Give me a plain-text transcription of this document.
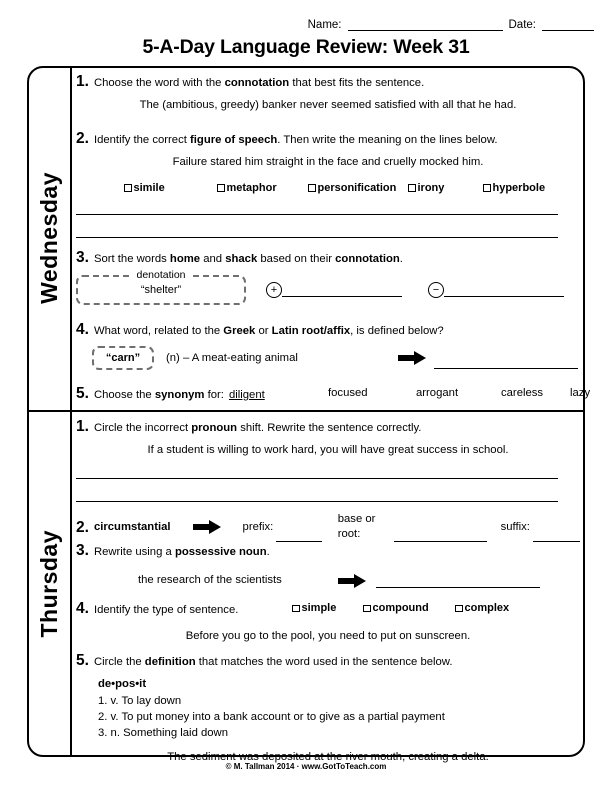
Name:	Date:
5-A-Day Language Review: Week 31
Wednesday
Thursday
1. Choose the word with the connotation that best fits the sentence.
The (ambitious, greedy) banker never seemed satisfied with all that he had.
2. Identify the correct figure of speech. Then write the meaning on the lines below.
Failure stared him straight in the face and cruelly mocked him.
simile	metaphor	personification irony	hyperbole
3. Sort the words home and shack based on their connotation.
“shelter”
denotation
+	−
4. What word, related to the Greek or Latin root/affix, is defined below?
“carn” (n) – A meat-eating animal
5. Choose the synonym for: diligent	focused	arrogant	careless lazy
1. Circle the incorrect pronoun shift. Rewrite the sentence correctly.
If a student is willing to work hard, you will have great success in school.
2. circumstantial	prefix:
base or root:
suffix:
3. Rewrite using a possessive noun.
the research of the scientists
4. Identify the type of sentence.	simple	compound	complex
Before you go to the pool, you need to put on sunscreen.
5. Circle the definition that matches the word used in the sentence below.
de•pos•it
1. v. To lay down
2. v. To put money into a bank account or to give as a partial payment
3. n. Something laid down
The sediment was deposited at the river mouth, creating a delta.
© M. Tallman 2014 · www.GotToTeach.com
